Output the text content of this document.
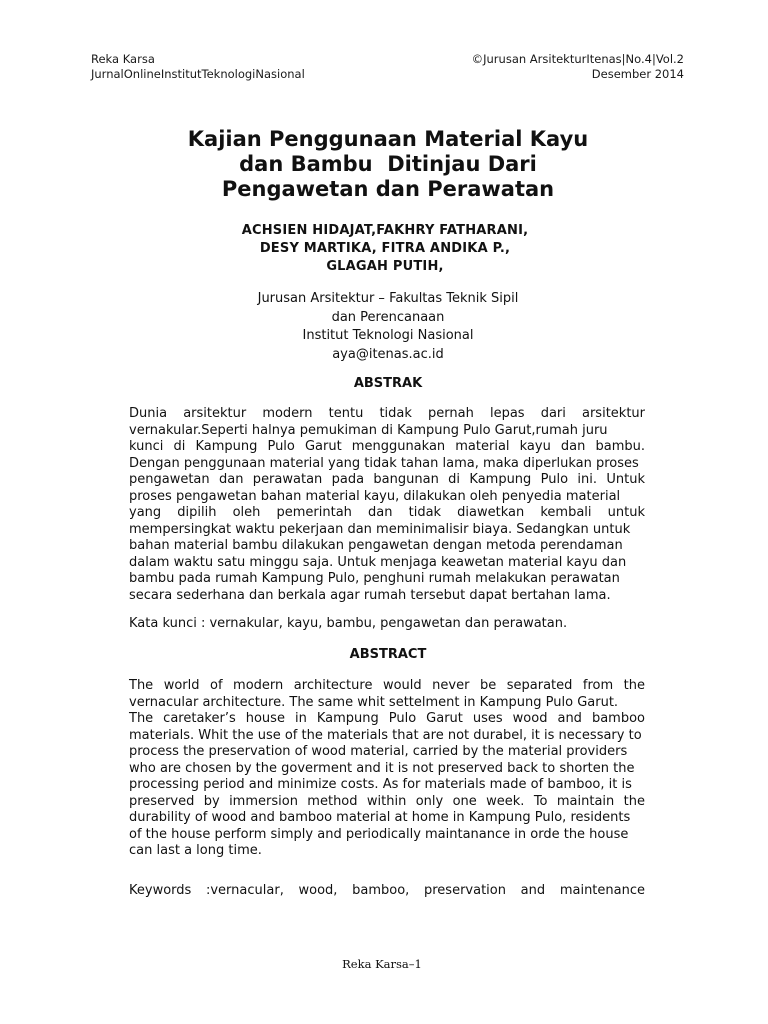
Reka Karsa
JurnalOnlineInstitutTeknologiNasional
©Jurusan ArsitekturItenas|No.4|Vol.2
Desember 2014
Kajian Penggunaan Material Kayu
dan Bambu  Ditinjau Dari
Pengawetan dan Perawatan
ACHSIEN HIDAJAT,FAKHRY FATHARANI,
DESY MARTIKA, FITRA ANDIKA P.,
GLAGAH PUTIH,
Jurusan Arsitektur – Fakultas Teknik Sipil
dan Perencanaan
Institut Teknologi Nasional
aya@itenas.ac.id
ABSTRAK
Dunia arsitektur modern tentu tidak pernah lepas dari arsitektur
vernakular.Seperti halnya pemukiman di Kampung Pulo Garut,rumah juru
kunci di Kampung Pulo Garut menggunakan material kayu dan bambu.
Dengan penggunaan material yang tidak tahan lama, maka diperlukan proses
pengawetan dan perawatan pada bangunan di Kampung Pulo ini. Untuk
proses pengawetan bahan material kayu, dilakukan oleh penyedia material
yang dipilih oleh pemerintah dan tidak diawetkan kembali untuk
mempersingkat waktu pekerjaan dan meminimalisir biaya. Sedangkan untuk
bahan material bambu dilakukan pengawetan dengan metoda perendaman
dalam waktu satu minggu saja. Untuk menjaga keawetan material kayu dan
bambu pada rumah Kampung Pulo, penghuni rumah melakukan perawatan
secara sederhana dan berkala agar rumah tersebut dapat bertahan lama.
Kata kunci : vernakular, kayu, bambu, pengawetan dan perawatan.
ABSTRACT
The world of modern architecture would never be separated from the
vernacular architecture. The same whit settelment in Kampung Pulo Garut.
The caretaker’s house in Kampung Pulo Garut uses wood and bamboo
materials. Whit the use of the materials that are not durabel, it is necessary to
process the preservation of wood material, carried by the material providers
who are chosen by the goverment and it is not preserved back to shorten the
processing period and minimize costs. As for materials made of bamboo, it is
preserved by immersion method within only one week. To maintain the
durability of wood and bamboo material at home in Kampung Pulo, residents
of the house perform simply and periodically maintanance in orde the house
can last a long time.
Keywords :vernacular, wood, bamboo, preservation and maintenance
Reka Karsa–1
